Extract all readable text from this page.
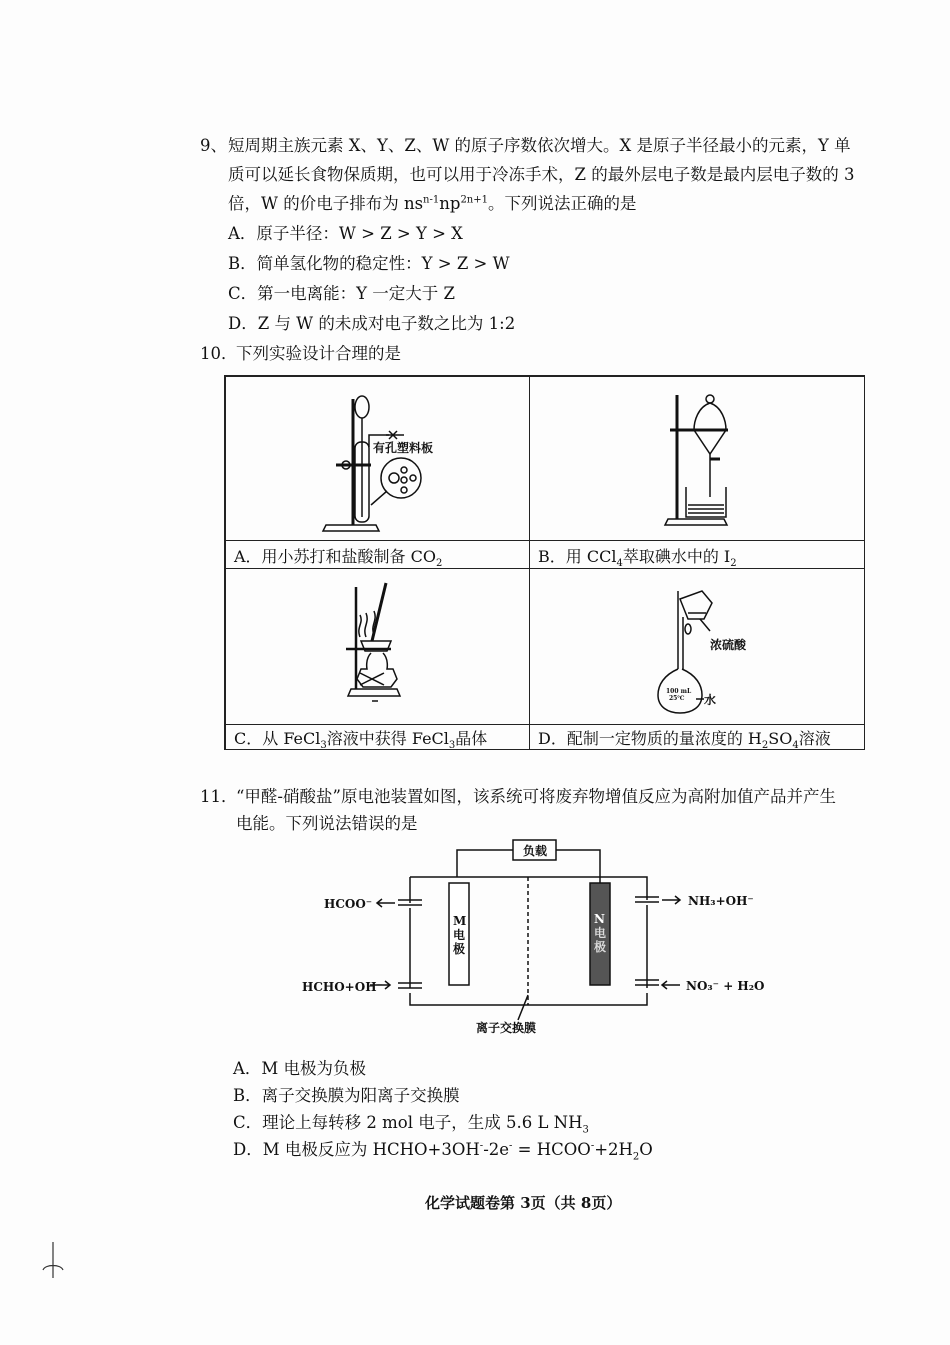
9、 短周期主族元素 X、Y、Z、W 的原子序数依次增大。X 是原子半径最小的元素，Y 单
质可以延长食物保质期，也可以用于冷冻手术，Z 的最外层电子数是最内层电子数的 3
倍，W 的价电子排布为 $ns^{n-1}np^{2n+1}$。下列说法正确的是
A．原子半径：W > Z > Y > X
B．简单氢化物的稳定性：Y > Z > W
C．第一电离能：Y 一定大于 Z
D．Z 与 W 的未成对电子数之比为 1:2
10．
下列实验设计合理的是
有孔塑料板
A．用小苏打和盐酸制备 $CO_2$	B．用 CCl$_4$萃取碘水中的 $I_2$
浓硫酸
水
100 mL
25℃
C．从 FeCl$_3$溶液中获得 FeCl$_3$晶体	D．配制一定物质的量浓度的 $H_2SO_4$溶液
11．
“甲醛-硝酸盐”原电池装置如图，该系统可将废弃物增值反应为高附加值产品并产生
电能。下列说法错误的是
负载
M
电
极
N
电
极
HCOO⁻
HCHO+OH⁻
NH₃+OH⁻
NO₃⁻ + H₂O
离子交换膜
A．M 电极为负极
B．离子交换膜为阳离子交换膜
C．理论上每转移 2 mol 电子，生成 5.6 L $NH_3$
D．M 电极反应为 HCHO+3OH--2e- = $HCOO^-+2H_2O$
化学试题卷第 3页（共 8页）
